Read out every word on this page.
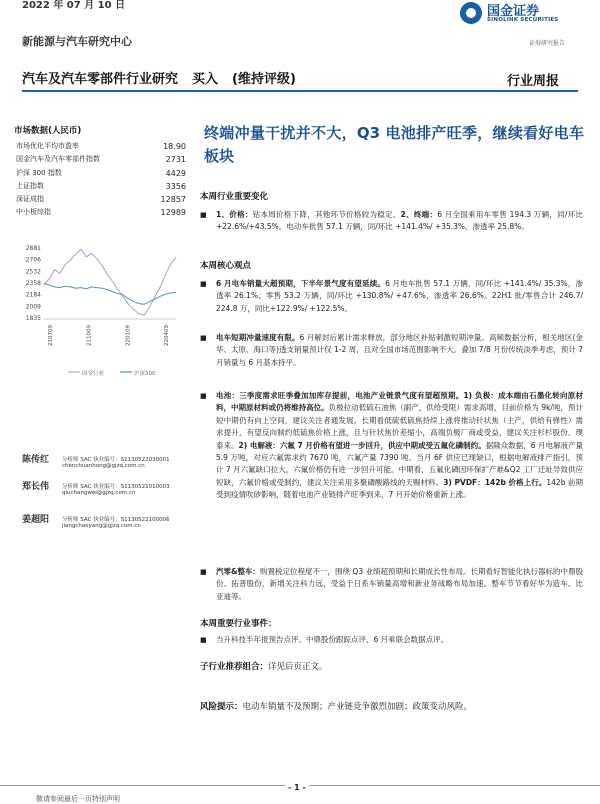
2022 年 07 月 10 日	国金证券
SINOLINK SECURITIES
证券研究报告
新能源与汽车研究中心
汽车及汽车零部件行业研究 买入 (维持评级)	行业周报
市场数据(人民币)
市场优化平均市盈率	18.90
国金汽车及汽车零部件指数	2731
沪深 300 指数	4429
上证指数	3356
深证成指	12857
中小板综指	12989
2881
2706
2532
2358
2184
2009
1835
210709	211009	220109	220409
国金行业	沪深300
陈传红 分析师 SAC 执业编号：S1130522030001
chenchuanhong@gjzq.com.cn
郑长伟 分析师 SAC 执业编号：S1130521010003
qiuchangwei@gjzq.com.cn
姜超阳 分析师 SAC 执业编号：S1130522100006
jiangchaoyang@gjzq.com.cn
终端冲量干扰并不大，Q3 电池排产旺季，继续看好电车板块
本周行业重要变化
■ 1、价格：钴本周价格下降，其他环节价格较为稳定。2、终端：6 月全国乘用车零售 194.3 万辆，同/环比 +22.6%/+43.5%。电动车批售 57.1 万辆，同/环比 +141.4%/ +35.3%，渗透率 25.8%。
本周核心观点
■ 6 月电车销量大超预期，下半年景气度有望延续。6 月电车批售 57.1 万辆，同/环比 +141.4%/ 35.3%，渗透率 26.1%；零售 53.2 万辆，同/环比 +130.8%/ +47.6%，渗透率 26.6%。22H1 批/零售合计 246.7/ 224.8 万，同比+122.9%/ +122.5%。
■ 电车短期冲量速度有限。6 月解封后累计需求释放，部分地区补贴刺激短期冲量。高频数据分析，相关地区(金华、太原、海口等)透支销量预计仅 1-2 周，且对全国市场范围影响不大。叠加 7/8 月份传统淡季考虑，预计 7 月销量与 6 月基本持平。
■ 电池：三季度需求旺季叠加加库存提前，电池产业链景气度有望超预期。1) 负极：成本端由石墨化转向原材料，中期原材料或仍将维持高位。负极拉动低硫石油焦（副产，供给受限）需求高增，目前价格为 9k/吨，预计短中期仍有向上空间，建议关注者通发展。长期看低硫低硫焦持续上涨将推动针状焦（主产，供给有弹性）需求提升，有望反向制约低硫焦价格上涨，且与针状焦价差缩小，高端负极厂商或受益，建议关注杉杉股份、璞泰来。2) 电解液：六氟 7 月价格有望进一步回升，供应中期或受五氟化磷制约。据隆众数据，6 月电解液产量 5.9 万吨，对应六氟需求约 7670 吨，六氟产量 7390 吨。当月 6F 供应已现缺口，根据电解液排产指引，预计 7 月六氟缺口拉大，六氟价格仍有进一步回升可能。中期看，五氟化磷因环保扩产难&Q2 工厂迁址导致供应短缺，六氟价格或受制约，建议关注采用多聚磷酸路线的天赐材料。3) PVDF：142b 价格上行。142b 前期受到疫情吹砂影响，随着电池产业链排产旺季到来，7 月开始价格重新上涨。
■ 汽零&整车：购置税定位程度不一，围绕 Q3 业绩超预期和长期成长性布局。长期看好智能化执行器标的中鼎股份、拓普股份，新增关注科力远，受益于日系车销量高增和新业务战略布局加速。整车节节看好华为造车、比亚迪等。
本周重要行业事件：
■ 当升科技半年报预告点评、中鼎股份跟踪点评、6 月乘联会数据点评。
子行业推荐组合：详见后页正文。
风险提示：电动车销量不及预期；产业链竞争激烈加剧；政策变动风险。
- 1 -
敬请参阅最后一页特别声明
